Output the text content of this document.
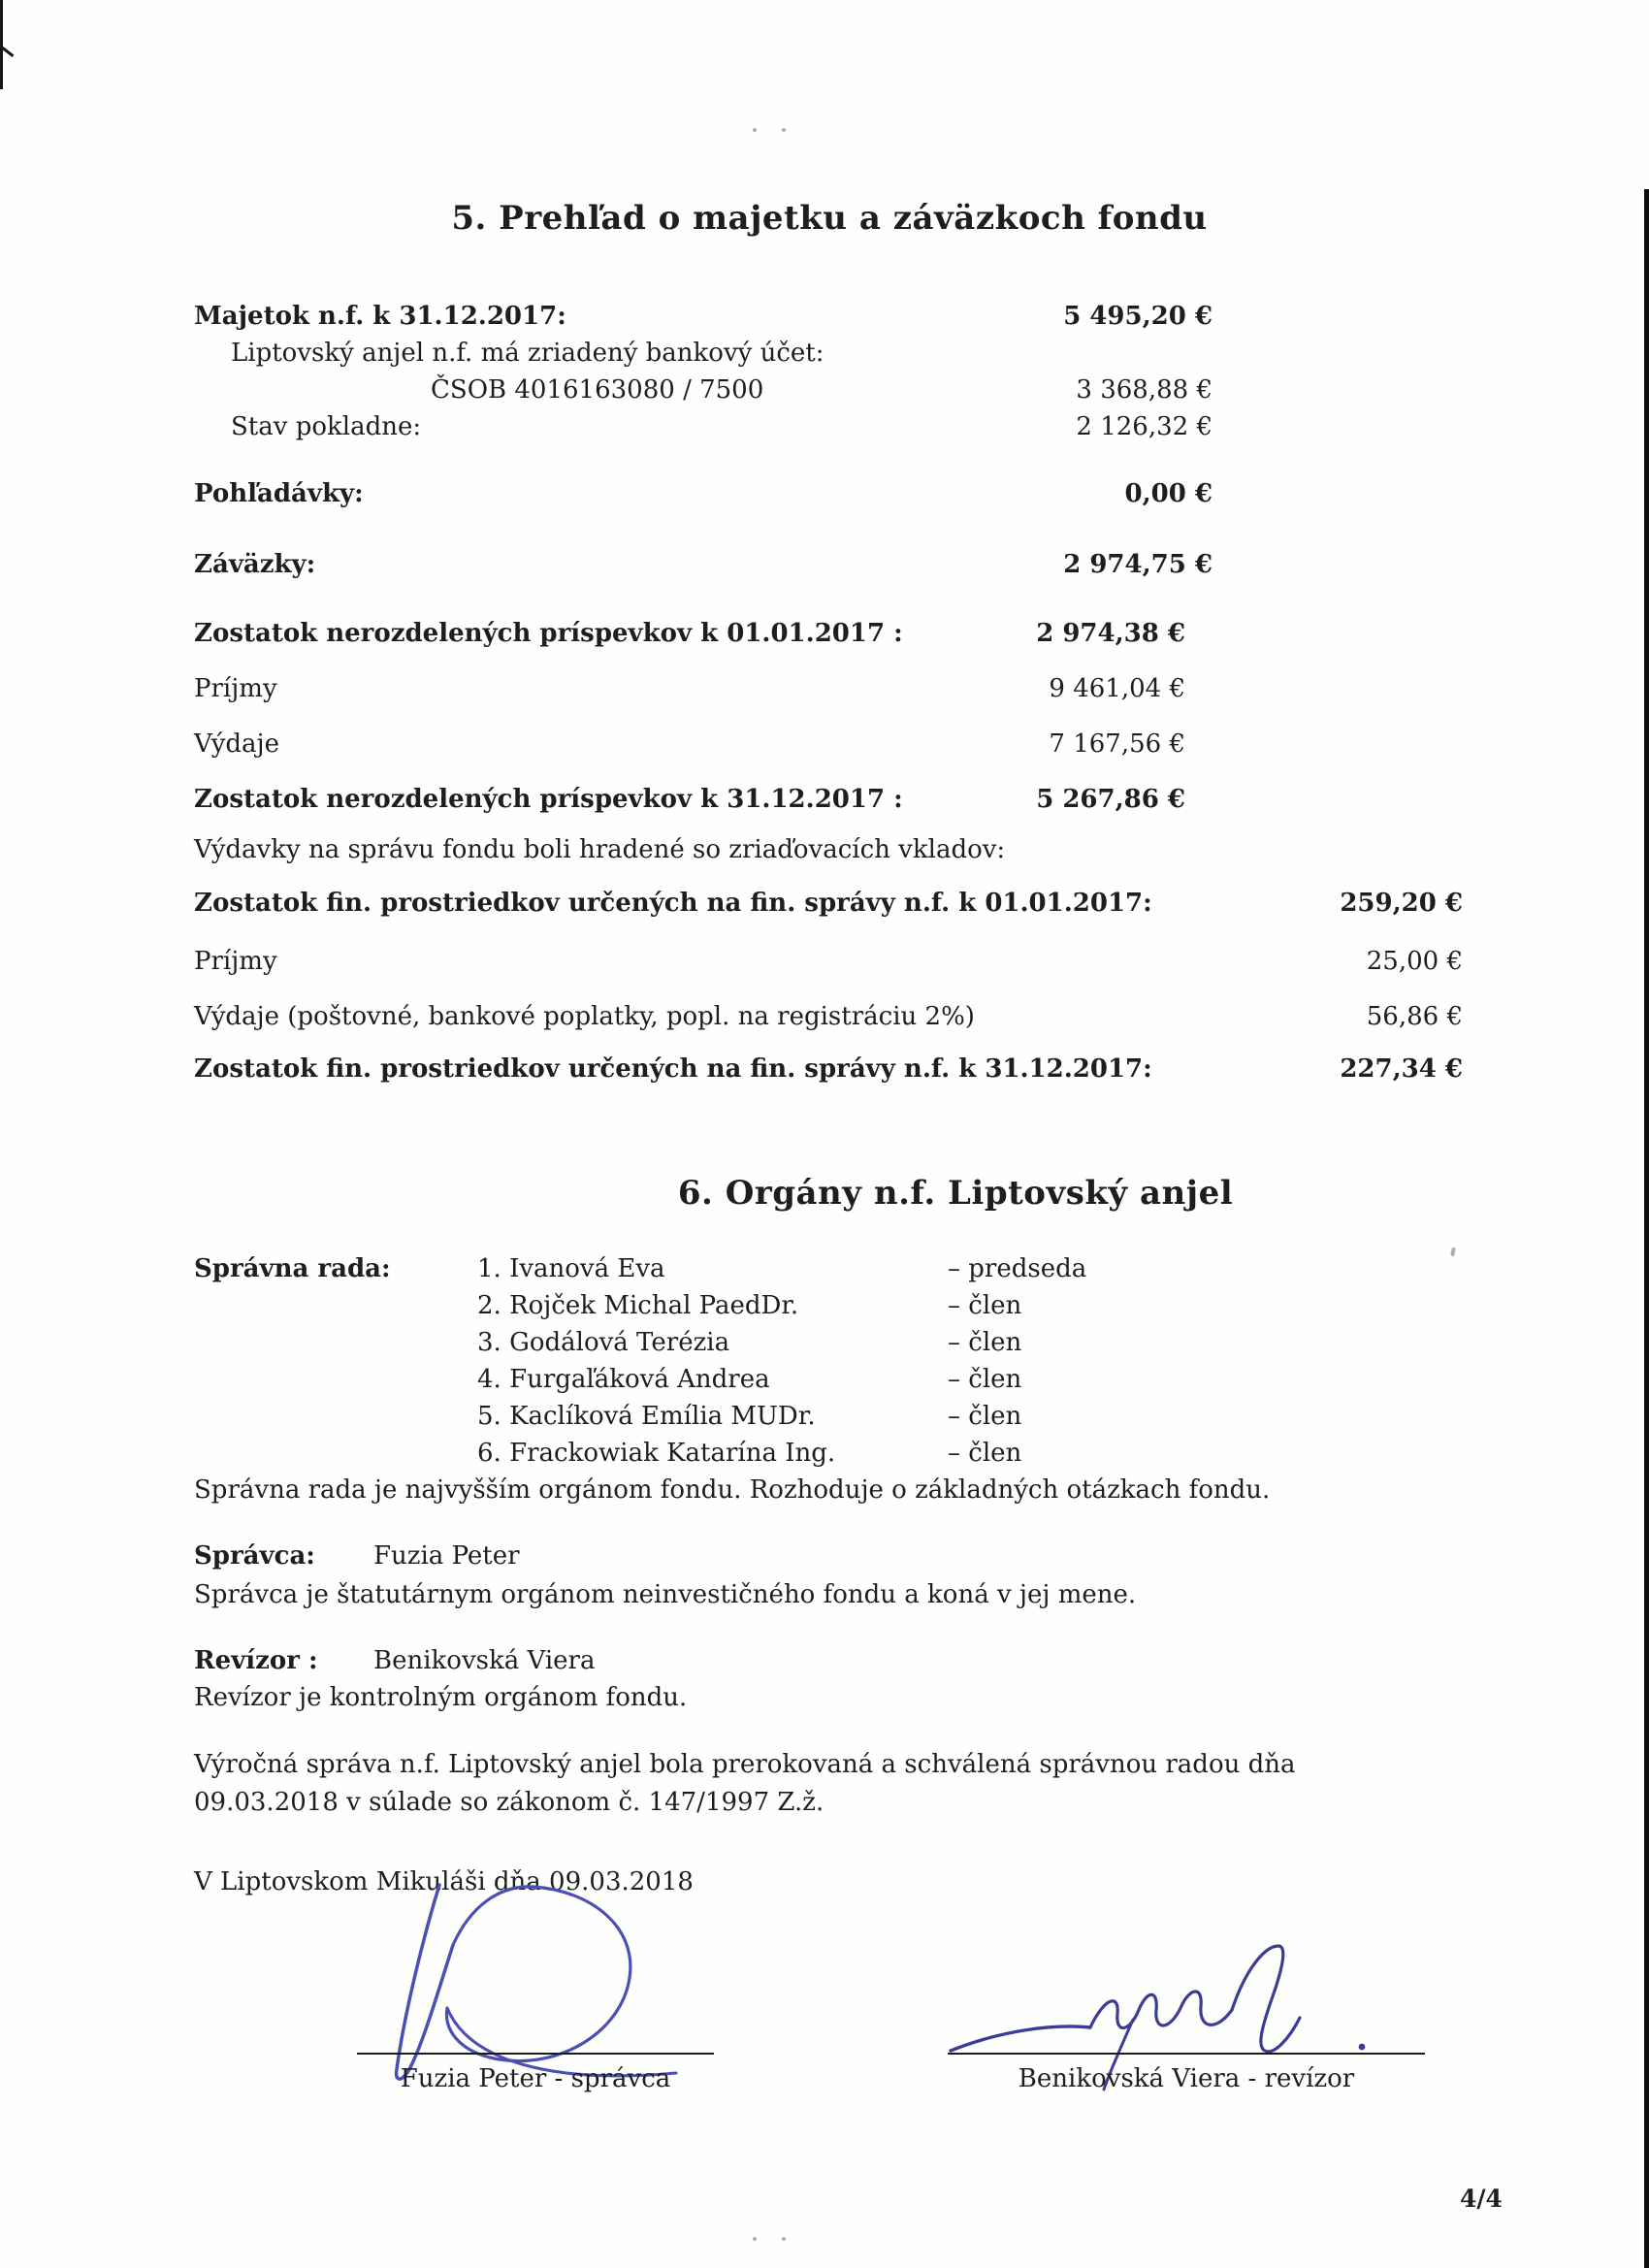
5. Prehľad o majetku a záväzkoch fondu
Majetok n.f. k 31.12.2017:	5 495,20 €
Liptovský anjel n.f. má zriadený bankový účet:
ČSOB 4016163080 / 7500	3 368,88 €
Stav pokladne:	2 126,32 €
Pohľadávky:	0,00 €
Záväzky:	2 974,75 €
Zostatok nerozdelených príspevkov k 01.01.2017 :	2 974,38 €
Príjmy	9 461,04 €
Výdaje	7 167,56 €
Zostatok nerozdelených príspevkov k 31.12.2017 :	5 267,86 €
Výdavky na správu fondu boli hradené so zriaďovacích vkladov:
Zostatok fin. prostriedkov určených na fin. správy n.f. k 01.01.2017:	259,20 €
Príjmy	25,00 €
Výdaje (poštovné, bankové poplatky, popl. na registráciu 2%)	56,86 €
Zostatok fin. prostriedkov určených na fin. správy n.f. k 31.12.2017:	227,34 €
6. Orgány n.f. Liptovský anjel
Správna rada:	1. Ivanová Eva	– predseda
2. Rojček Michal PaedDr.	– člen
3. Godálová Terézia	– člen
4. Furgaľáková Andrea	– člen
5. Kaclíková Emília MUDr.	– člen
6. Frackowiak Katarína Ing.	– člen
Správna rada je najvyšším orgánom fondu. Rozhoduje o základných otázkach fondu.
Správca: Fuzia Peter
Správca je štatutárnym orgánom neinvestičného fondu a koná v jej mene.
Revízor : Benikovská Viera
Revízor je kontrolným orgánom fondu.
Výročná správa n.f. Liptovský anjel bola prerokovaná a schválená správnou radou dňa
09.03.2018 v súlade so zákonom č. 147/1997 Z.ž.
V Liptovskom Mikuláši dňa 09.03.2018
Fuzia Peter - správca	Benikovská Viera - revízor
4/4
